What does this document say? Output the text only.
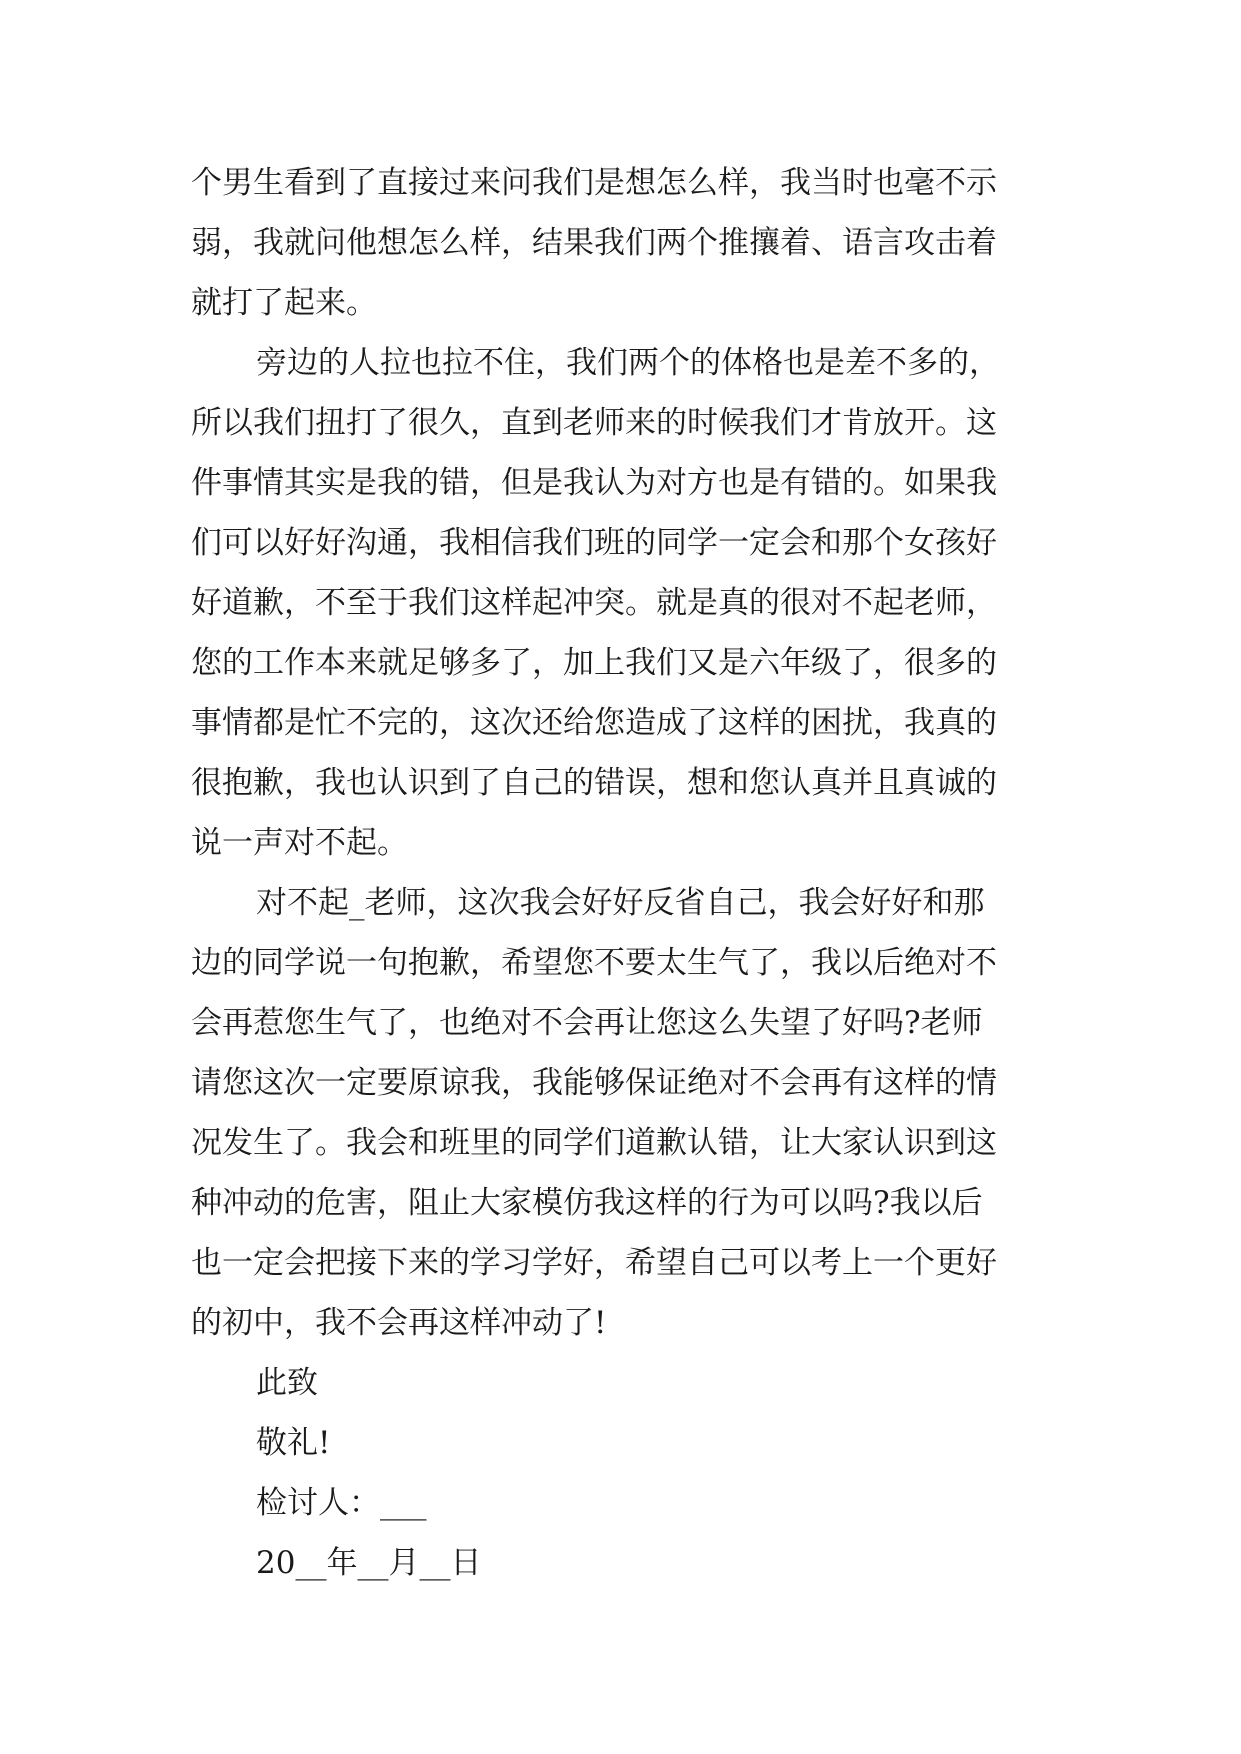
个男生看到了直接过来问我们是想怎么样，我当时也毫不示
弱，我就问他想怎么样，结果我们两个推攘着、语言攻击着
就打了起来。
旁边的人拉也拉不住，我们两个的体格也是差不多的，
所以我们扭打了很久，直到老师来的时候我们才肯放开。这
件事情其实是我的错，但是我认为对方也是有错的。如果我
们可以好好沟通，我相信我们班的同学一定会和那个女孩好
好道歉，不至于我们这样起冲突。就是真的很对不起老师，
您的工作本来就足够多了，加上我们又是六年级了，很多的
事情都是忙不完的，这次还给您造成了这样的困扰，我真的
很抱歉，我也认识到了自己的错误，想和您认真并且真诚的
说一声对不起。
对不起_老师，这次我会好好反省自己，我会好好和那
边的同学说一句抱歉，希望您不要太生气了，我以后绝对不
会再惹您生气了，也绝对不会再让您这么失望了好吗?老师
请您这次一定要原谅我，我能够保证绝对不会再有这样的情
况发生了。我会和班里的同学们道歉认错，让大家认识到这
种冲动的危害，阻止大家模仿我这样的行为可以吗?我以后
也一定会把接下来的学习学好，希望自己可以考上一个更好
的初中，我不会再这样冲动了!
此致
敬礼!
检讨人：___
20__年__月__日
